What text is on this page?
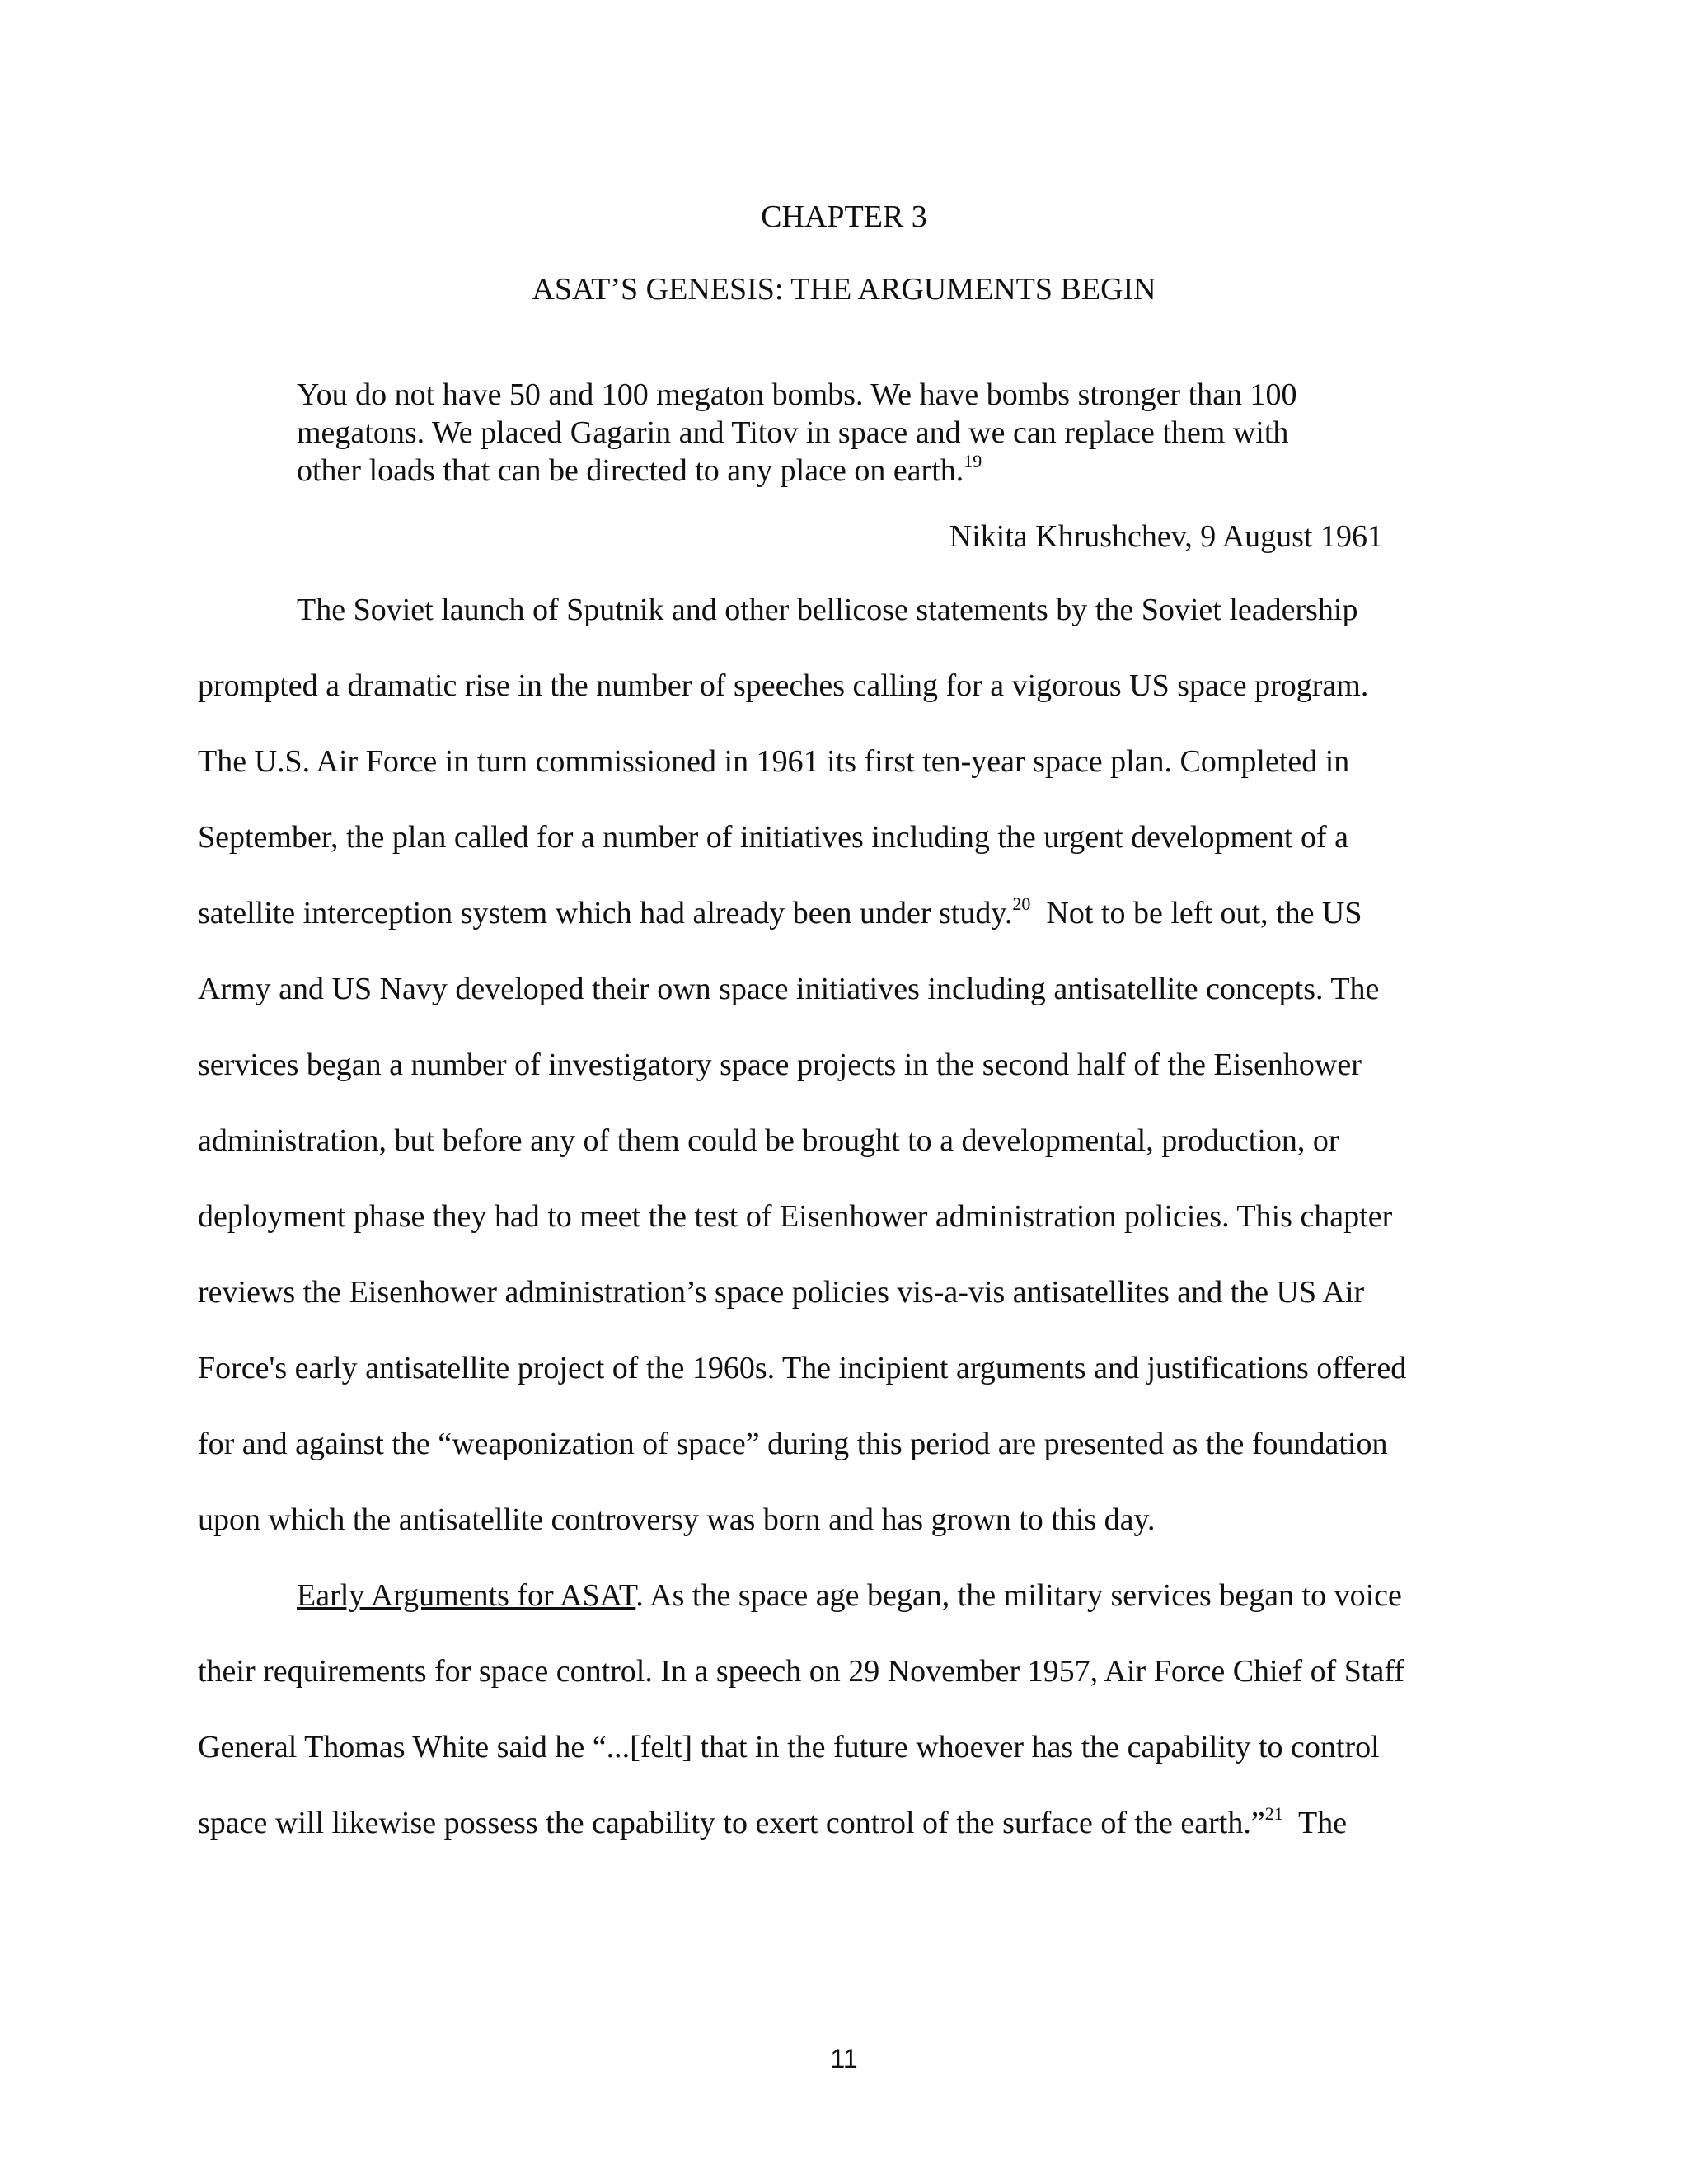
CHAPTER 3
ASAT’S GENESIS: THE ARGUMENTS BEGIN
You do not have 50 and 100 megaton bombs. We have bombs stronger than 100
megatons. We placed Gagarin and Titov in space and we can replace them with
other loads that can be directed to any place on earth.$^{19}$

Nikita Khrushchev, 9 August 1961

The Soviet launch of Sputnik and other bellicose statements by the Soviet leadership
prompted a dramatic rise in the number of speeches calling for a vigorous US space program.
The U.S. Air Force in turn commissioned in 1961 its first ten-year space plan. Completed in
September, the plan called for a number of initiatives including the urgent development of a
satellite interception system which had already been under study.$^{20}$  Not to be left out, the US
Army and US Navy developed their own space initiatives including antisatellite concepts. The
services began a number of investigatory space projects in the second half of the Eisenhower
administration, but before any of them could be brought to a developmental, production, or
deployment phase they had to meet the test of Eisenhower administration policies. This chapter
reviews the Eisenhower administration’s space policies vis-a-vis antisatellites and the US Air
Force's early antisatellite project of the 1960s. The incipient arguments and justifications offered
for and against the “weaponization of space” during this period are presented as the foundation
upon which the antisatellite controversy was born and has grown to this day.
Early Arguments for ASAT. As the space age began, the military services began to voice
their requirements for space control. In a speech on 29 November 1957, Air Force Chief of Staff
General Thomas White said he “...[felt] that in the future whoever has the capability to control
space will likewise possess the capability to exert control of the surface of the earth.”$^{21}$  The

11
